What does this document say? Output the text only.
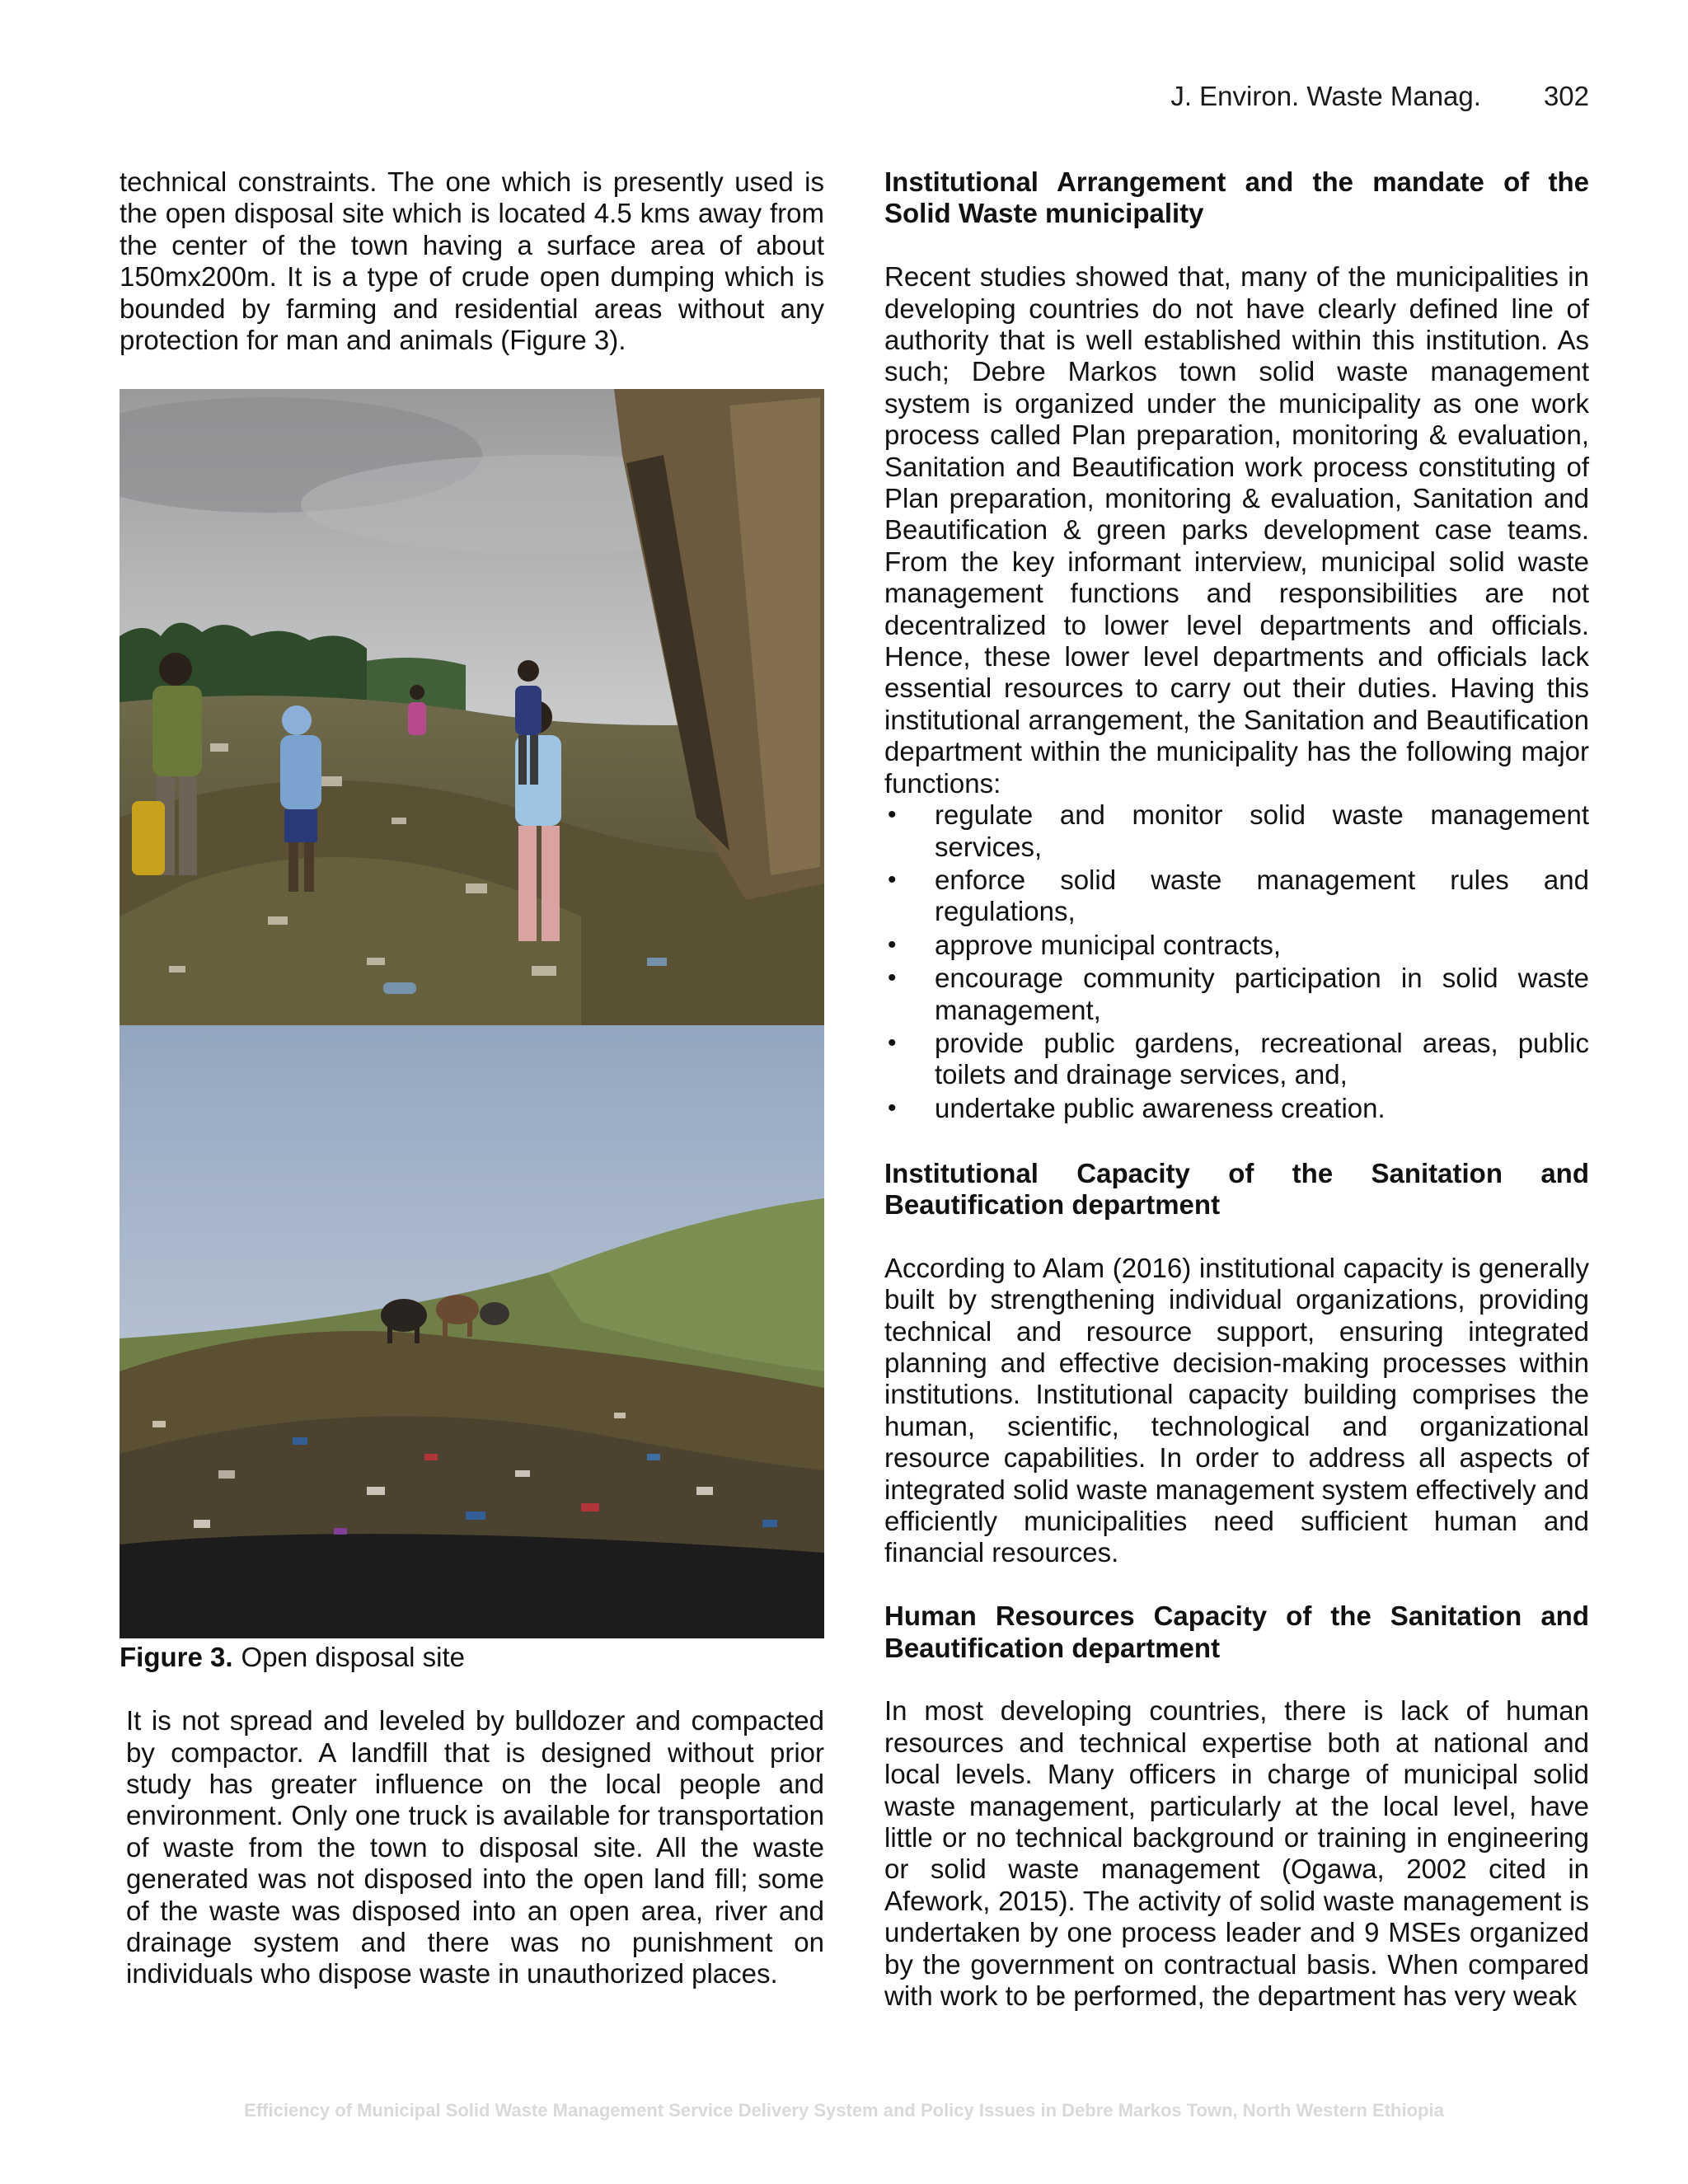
J. Environ. Waste Manag. 302

technical constraints. The one which is presently used is the open disposal site which is located 4.5 kms away from the center of the town having a surface area of about 150mx200m. It is a type of crude open dumping which is bounded by farming and residential areas without any protection for man and animals (Figure 3).

Figure 3. Open disposal site

It is not spread and leveled by bulldozer and compacted by compactor. A landfill that is designed without prior study has greater influence on the local people and environment. Only one truck is available for transportation of waste from the town to disposal site. All the waste generated was not disposed into the open land fill; some of the waste was disposed into an open area, river and drainage system and there was no punishment on individuals who dispose waste in unauthorized places.

Institutional Arrangement and the mandate of the Solid Waste municipality

Recent studies showed that, many of the municipalities in developing countries do not have clearly defined line of authority that is well established within this institution. As such; Debre Markos town solid waste management system is organized under the municipality as one work process called Plan preparation, monitoring & evaluation, Sanitation and Beautification work process constituting of Plan preparation, monitoring & evaluation, Sanitation and Beautification & green parks development case teams. From the key informant interview, municipal solid waste management functions and responsibilities are not decentralized to lower level departments and officials. Hence, these lower level departments and officials lack essential resources to carry out their duties. Having this institutional arrangement, the Sanitation and Beautification department within the municipality has the following major functions:

• regulate and monitor solid waste management services,
• enforce solid waste management rules and regulations,
• approve municipal contracts,
• encourage community participation in solid waste management,
• provide public gardens, recreational areas, public toilets and drainage services, and,
• undertake public awareness creation.

Institutional Capacity of the Sanitation and Beautification department

According to Alam (2016) institutional capacity is generally built by strengthening individual organizations, providing technical and resource support, ensuring integrated planning and effective decision-making processes within institutions. Institutional capacity building comprises the human, scientific, technological and organizational resource capabilities. In order to address all aspects of integrated solid waste management system effectively and efficiently municipalities need sufficient human and financial resources.

Human Resources Capacity of the Sanitation and Beautification department

In most developing countries, there is lack of human resources and technical expertise both at national and local levels. Many officers in charge of municipal solid waste management, particularly at the local level, have little or no technical background or training in engineering or solid waste management (Ogawa, 2002 cited in Afework, 2015). The activity of solid waste management is undertaken by one process leader and 9 MSEs organized by the government on contractual basis. When compared with work to be performed, the department has very weak

Efficiency of Municipal Solid Waste Management Service Delivery System and Policy Issues in Debre Markos Town, North Western Ethiopia
